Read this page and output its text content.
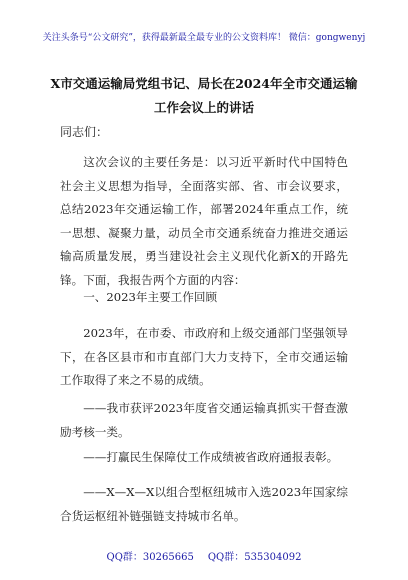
关注头条号“公文研究”，获得最新最全最专业的公文资料库！ 微信：gongwenyj
X市交通运输局党组书记、局长在2024年全市交通运输工作会议上的讲话
同志们：
这次会议的主要任务是：以习近平新时代中国特色社会主义思想为指导，全面落实部、省、市会议要求，总结2023年交通运输工作，部署2024年重点工作，统一思想、凝聚力量，动员全市交通系统奋力推进交通运输高质量发展，勇当建设社会主义现代化新X的开路先锋。下面，我报告两个方面的内容：
一、2023年主要工作回顾
2023年，在市委、市政府和上级交通部门坚强领导下，在各区县市和市直部门大力支持下，全市交通运输工作取得了来之不易的成绩。
——我市获评2023年度省交通运输真抓实干督查激励考核一类。
——打赢民生保障仗工作成绩被省政府通报表彰。
——X—X—X以组合型枢纽城市入选2023年国家综合货运枢纽补链强链支持城市名单。
QQ群：30265665 QQ群：535304092
